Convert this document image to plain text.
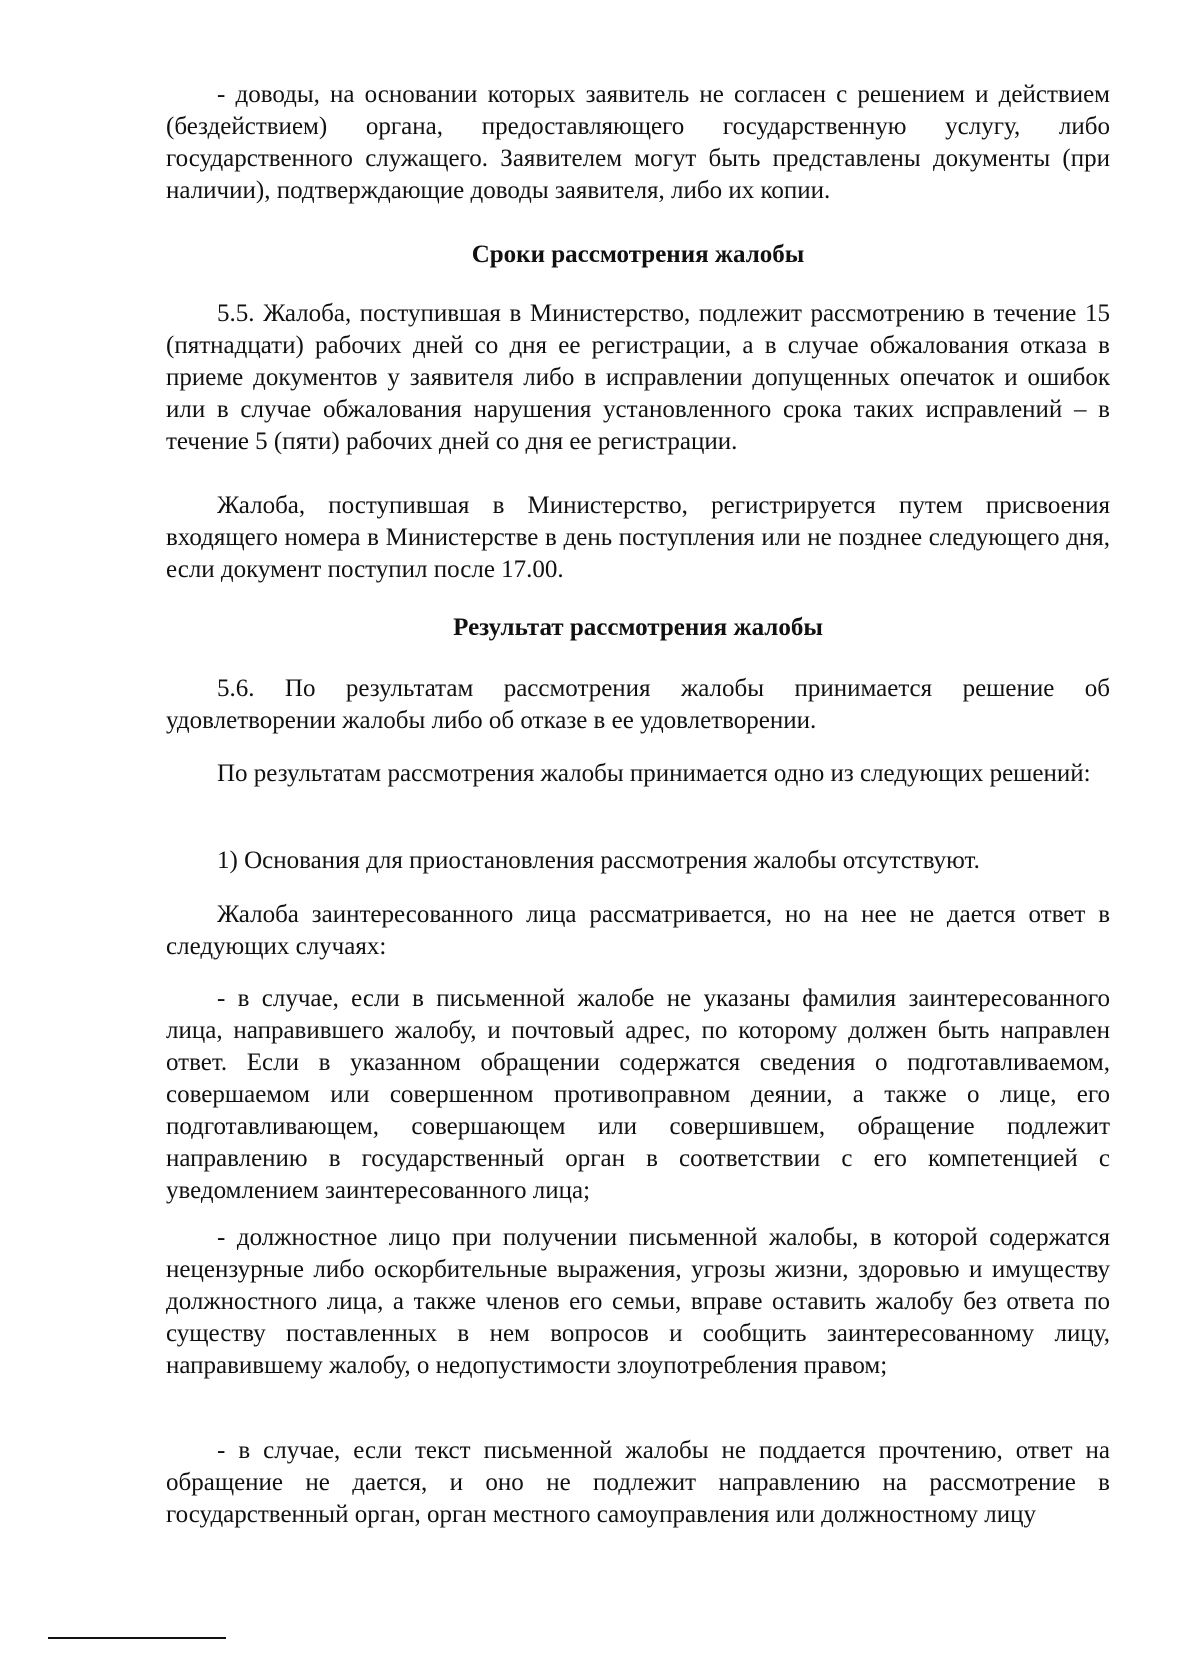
- доводы, на основании которых заявитель не согласен с решением и действием (бездействием) органа, предоставляющего государственную услугу, либо государственного служащего. Заявителем могут быть представлены документы (при наличии), подтверждающие доводы заявителя, либо их копии.

Сроки рассмотрения жалобы

5.5. Жалоба, поступившая в Министерство, подлежит рассмотрению в течение 15 (пятнадцати) рабочих дней со дня ее регистрации, а в случае обжалования отказа в приеме документов у заявителя либо в исправлении допущенных опечаток и ошибок или в случае обжалования нарушения установленного срока таких исправлений – в течение 5 (пяти) рабочих дней со дня ее регистрации.

Жалоба, поступившая в Министерство, регистрируется путем присвоения входящего номера в Министерстве в день поступления или не позднее следующего дня, если документ поступил после 17.00.

Результат рассмотрения жалобы

5.6. По результатам рассмотрения жалобы принимается решение об удовлетворении жалобы либо об отказе в ее удовлетворении.

По результатам рассмотрения жалобы принимается одно из следующих решений:

1) Основания для приостановления рассмотрения жалобы отсутствуют.

Жалоба заинтересованного лица рассматривается, но на нее не дается ответ в следующих случаях:

- в случае, если в письменной жалобе не указаны фамилия заинтересованного лица, направившего жалобу, и почтовый адрес, по которому должен быть направлен ответ. Если в указанном обращении содержатся сведения о подготавливаемом, совершаемом или совершенном противоправном деянии, а также о лице, его подготавливающем, совершающем или совершившем, обращение подлежит направлению в государственный орган в соответствии с его компетенцией с уведомлением заинтересованного лица;

- должностное лицо при получении письменной жалобы, в которой содержатся нецензурные либо оскорбительные выражения, угрозы жизни, здоровью и имуществу должностного лица, а также членов его семьи, вправе оставить жалобу без ответа по существу поставленных в нем вопросов и сообщить заинтересованному лицу, направившему жалобу, о недопустимости злоупотребления правом;

- в случае, если текст письменной жалобы не поддается прочтению, ответ на обращение не дается, и оно не подлежит направлению на рассмотрение в государственный орган, орган местного самоуправления или должностному лицу
